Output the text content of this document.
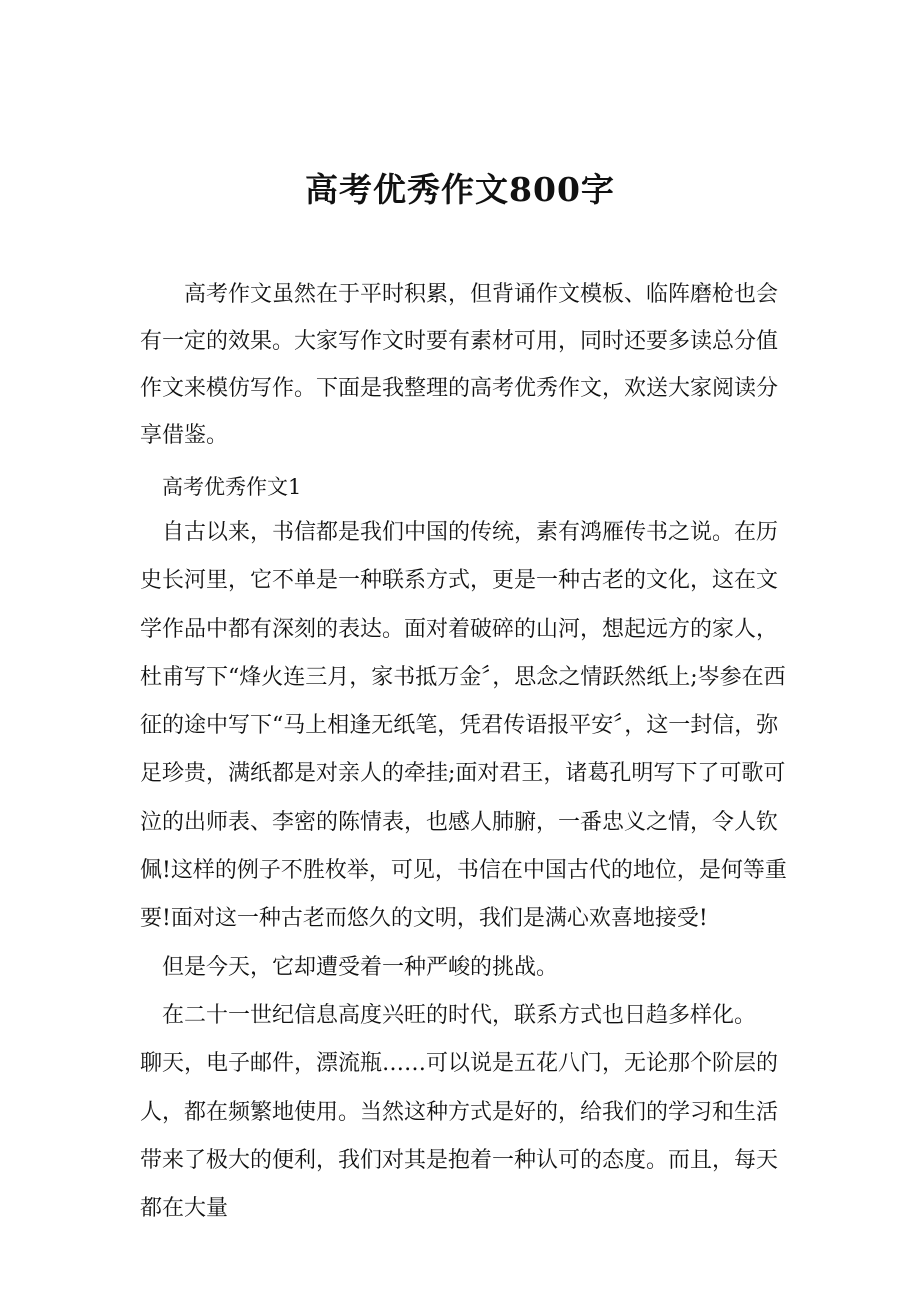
高考优秀作文800字

高考作文虽然在于平时积累，但背诵作文模板、临阵磨枪也会有一定的效果。大家写作文时要有素材可用，同时还要多读总分值作文来模仿写作。下面是我整理的高考优秀作文，欢送大家阅读分享借鉴。

高考优秀作文1

自古以来，书信都是我们中国的传统，素有鸿雁传书之说。在历史长河里，它不单是一种联系方式，更是一种古老的文化，这在文学作品中都有深刻的表达。面对着破碎的山河，想起远方的家人，杜甫写下“烽火连三月，家书抵万金〞，思念之情跃然纸上;岑参在西征的途中写下“马上相逢无纸笔，凭君传语报平安〞，这一封信，弥足珍贵，满纸都是对亲人的牵挂;面对君王，诸葛孔明写下了可歌可泣的出师表、李密的陈情表，也感人肺腑，一番忠义之情，令人钦佩!这样的例子不胜枚举，可见，书信在中国古代的地位，是何等重要!面对这一种古老而悠久的文明，我们是满心欢喜地接受!

但是今天，它却遭受着一种严峻的挑战。

在二十一世纪信息高度兴旺的时代，联系方式也日趋多样化。

聊天，电子邮件，漂流瓶……可以说是五花八门，无论那个阶层的人，都在频繁地使用。当然这种方式是好的，给我们的学习和生活带来了极大的便利，我们对其是抱着一种认可的态度。而且，每天都在大量
